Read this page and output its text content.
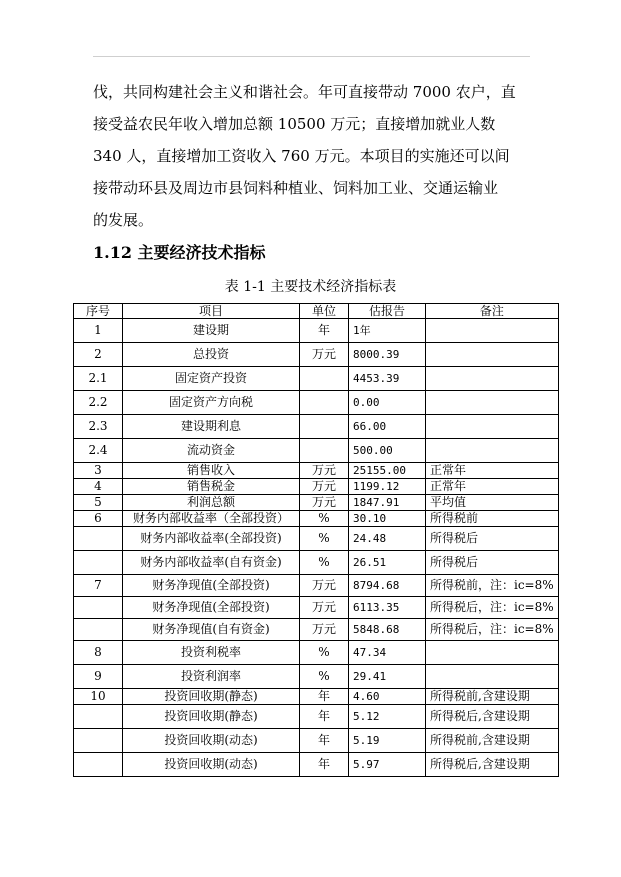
伐，共同构建社会主义和谐社会。年可直接带动 7000 农户，直
接受益农民年收入增加总额 10500 万元；直接增加就业人数
340 人，直接增加工资收入 760 万元。本项目的实施还可以间
接带动环县及周边市县饲料种植业、饲料加工业、交通运输业
的发展。
1.12 主要经济技术指标
表 1-1 主要技术经济指标表
序号	项目	单位	估报告	备注
1	建设期	年	1年	
2	总投资	万元	8000.39	
2.1	固定资产投资		4453.39	
2.2	固定资产方向税		0.00	
2.3	建设期利息		66.00	
2.4	流动资金		500.00	
3	销售收入	万元	25155.00	正常年
4	销售税金	万元	1199.12	正常年
5	利润总额	万元	1847.91	平均值
6	财务内部收益率（全部投资）	%	30.10	所得税前
	财务内部收益率(全部投资)	%	24.48	所得税后
	财务内部收益率(自有资金)	%	26.51	所得税后
7	财务净现值(全部投资)	万元	8794.68	所得税前，注：ic=8%
	财务净现值(全部投资)	万元	6113.35	所得税后，注：ic=8%
	财务净现值(自有资金)	万元	5848.68	所得税后，注：ic=8%
8	投资利税率	%	47.34	
9	投资利润率	%	29.41	
10	投资回收期(静态)	年	4.60	所得税前,含建设期
	投资回收期(静态)	年	5.12	所得税后,含建设期
	投资回收期(动态)	年	5.19	所得税前,含建设期
	投资回收期(动态)	年	5.97	所得税后,含建设期
